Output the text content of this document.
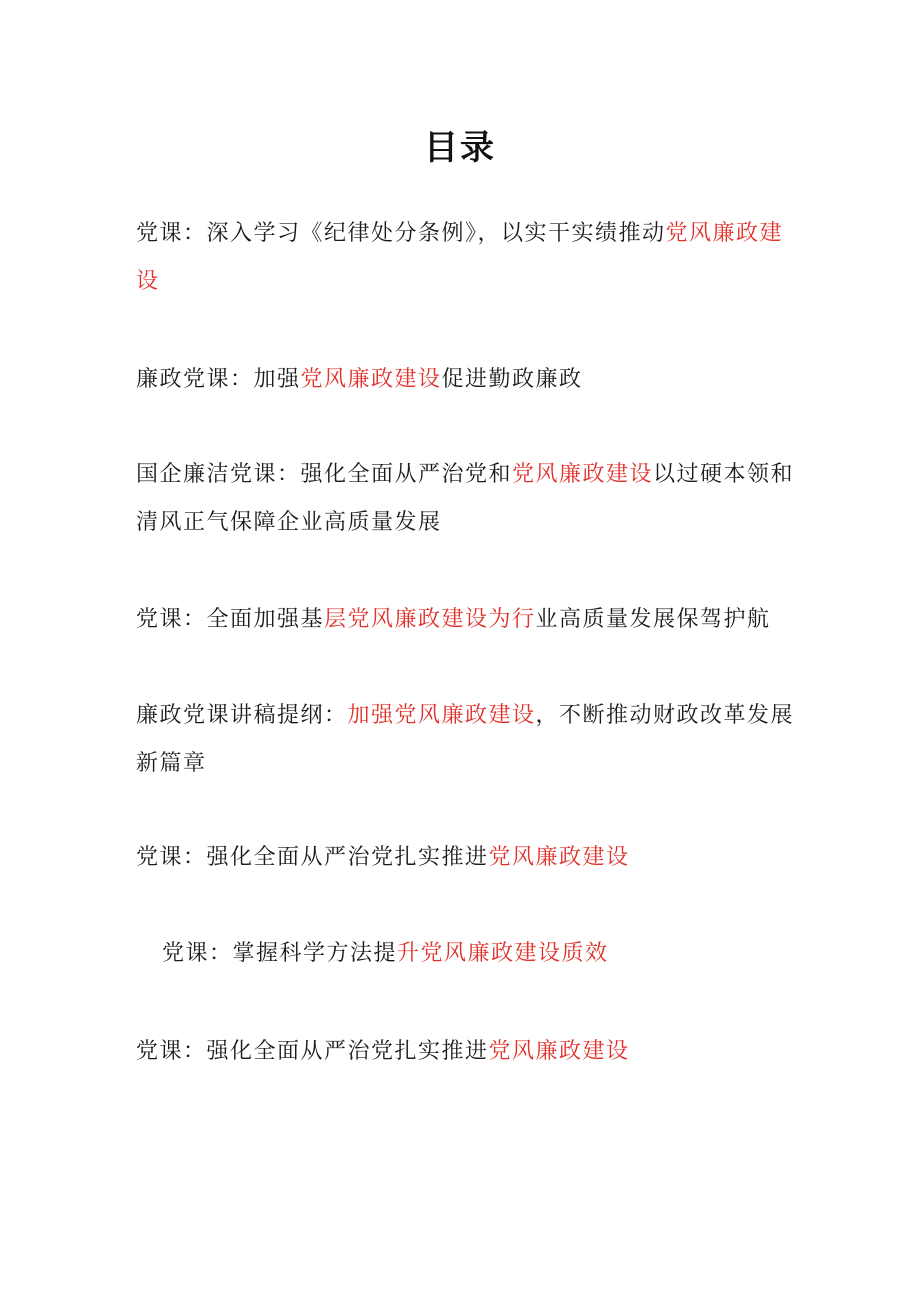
目录
党课：深入学习《纪律处分条例》，以实干实绩推动党风廉政建设
廉政党课：加强党风廉政建设促进勤政廉政
国企廉洁党课：强化全面从严治党和党风廉政建设以过硬本领和清风正气保障企业高质量发展
党课：全面加强基层党风廉政建设为行业高质量发展保驾护航
廉政党课讲稿提纲：加强党风廉政建设，不断推动财政改革发展新篇章
党课：强化全面从严治党扎实推进党风廉政建设
党课：掌握科学方法提升党风廉政建设质效
党课：强化全面从严治党扎实推进党风廉政建设
